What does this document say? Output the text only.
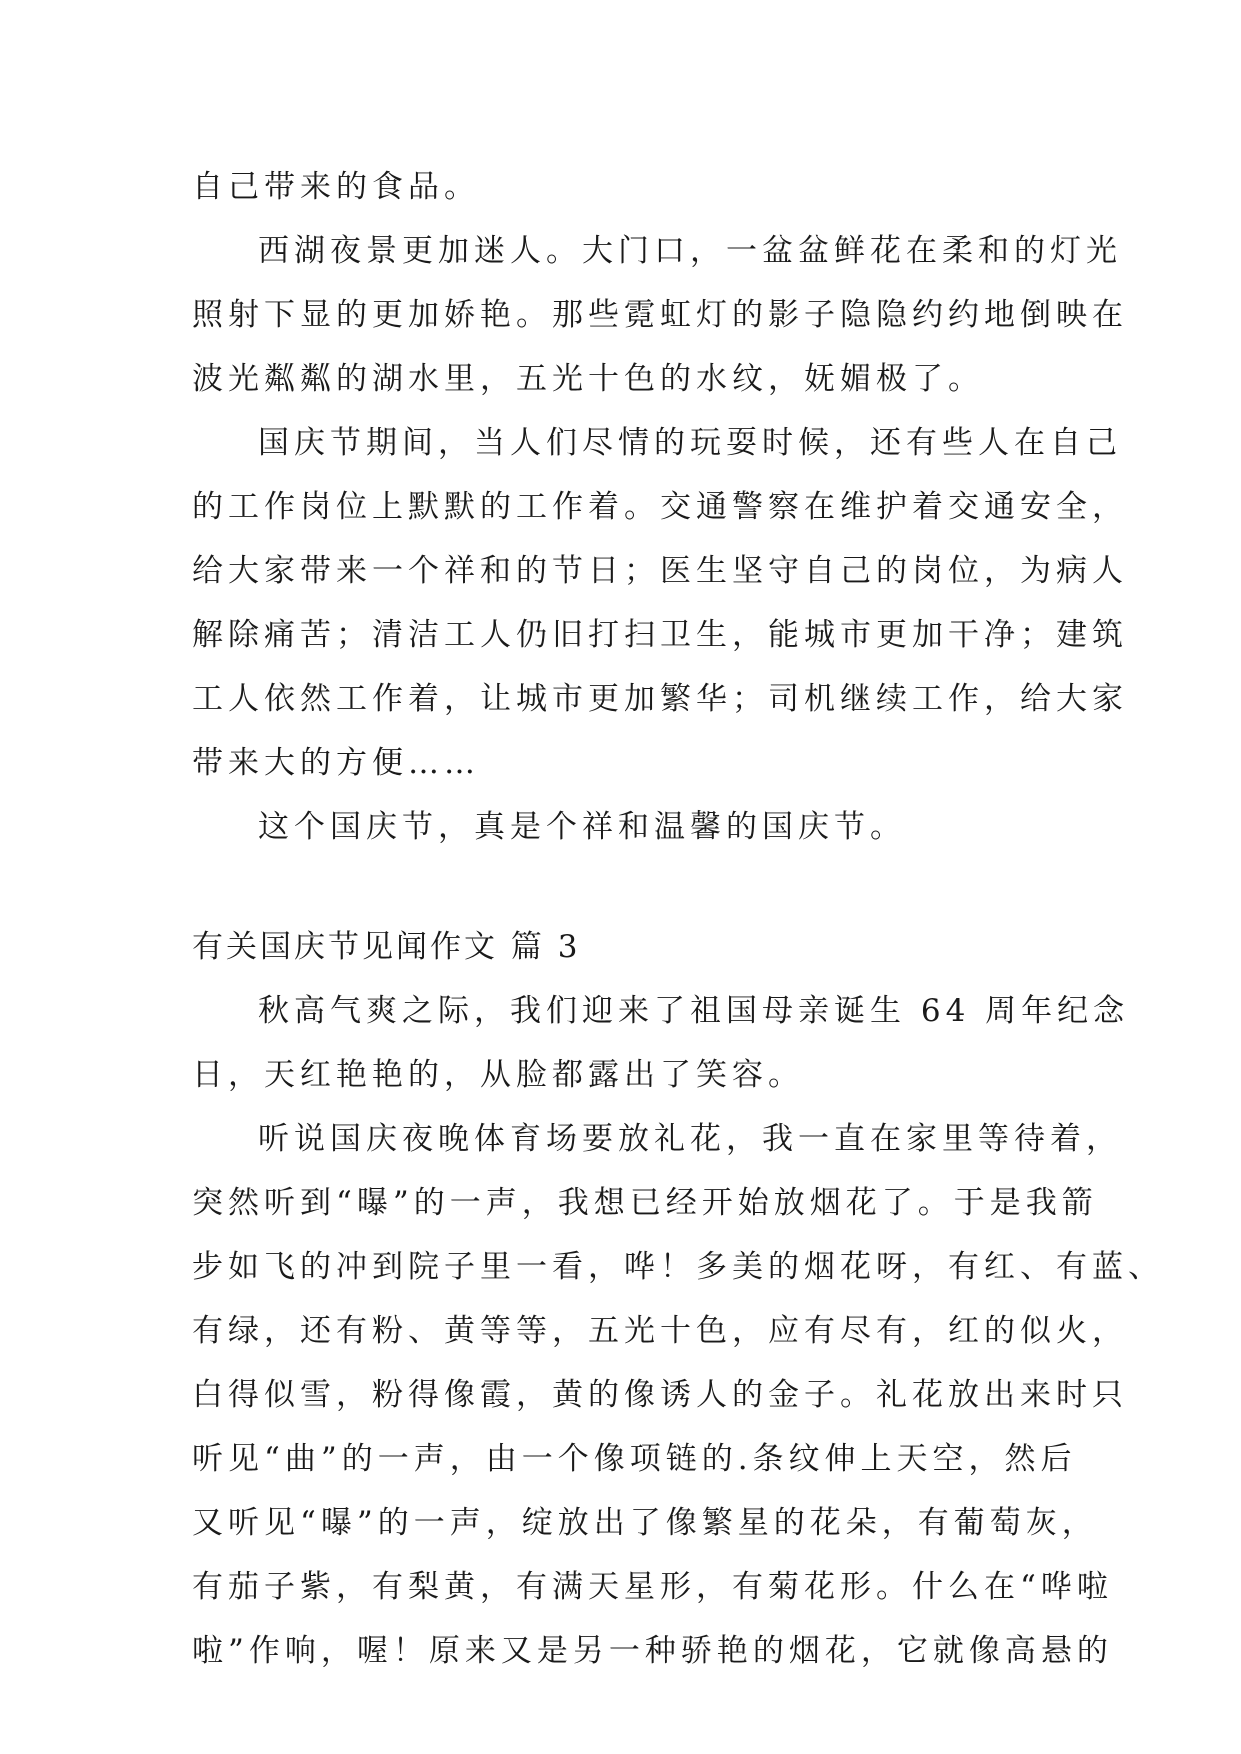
自己带来的食品。
西湖夜景更加迷人。大门口，一盆盆鲜花在柔和的灯光
照射下显的更加娇艳。那些霓虹灯的影子隐隐约约地倒映在
波光粼粼的湖水里，五光十色的水纹，妩媚极了。
国庆节期间，当人们尽情的玩耍时候，还有些人在自己
的工作岗位上默默的工作着。交通警察在维护着交通安全，
给大家带来一个祥和的节日；医生坚守自己的岗位，为病人
解除痛苦；清洁工人仍旧打扫卫生，能城市更加干净；建筑
工人依然工作着，让城市更加繁华；司机继续工作，给大家
带来大的方便……
这个国庆节，真是个祥和温馨的国庆节。
有关国庆节见闻作文 篇 3
秋高气爽之际，我们迎来了祖国母亲诞生 64 周年纪念
日，天红艳艳的，从脸都露出了笑容。
听说国庆夜晚体育场要放礼花，我一直在家里等待着，
突然听到“曝”的一声，我想已经开始放烟花了。于是我箭
步如飞的冲到院子里一看，哗！多美的烟花呀，有红、有蓝、
有绿，还有粉、黄等等，五光十色，应有尽有，红的似火，
白得似雪，粉得像霞，黄的像诱人的金子。礼花放出来时只
听见“曲”的一声，由一个像项链的.条纹伸上天空，然后
又听见“曝”的一声，绽放出了像繁星的花朵，有葡萄灰，
有茄子紫，有梨黄，有满天星形，有菊花形。什么在“哗啦
啦”作响，喔！原来又是另一种骄艳的烟花，它就像高悬的
